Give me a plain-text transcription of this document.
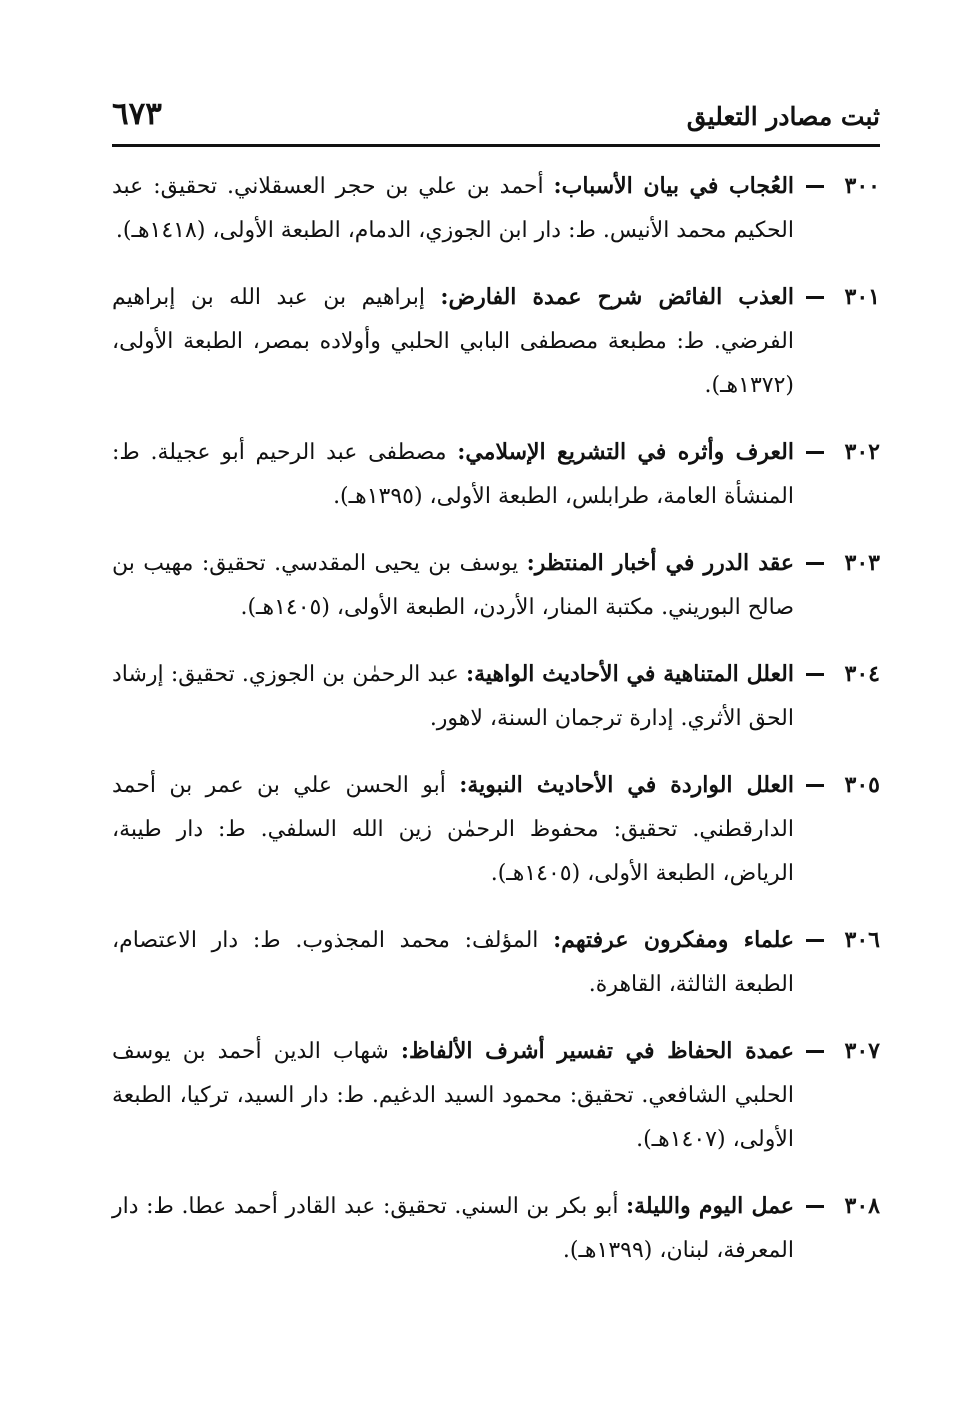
ثبت مصادر التعليق
٦٧٣
٣٠٠
العُجاب في بيان الأسباب: أحمد بن علي بن حجر العسقلاني. تحقيق: عبد الحكيم محمد الأنيس. ط: دار ابن الجوزي، الدمام، الطبعة الأولى، (١٤١٨هـ).
٣٠١
العذب الفائض شرح عمدة الفارض: إبراهيم بن عبد الله بن إبراهيم الفرضي. ط: مطبعة مصطفى البابي الحلبي وأولاده بمصر، الطبعة الأولى، (١٣٧٢هـ).
٣٠٢
العرف وأثره في التشريع الإسلامي: مصطفى عبد الرحيم أبو عجيلة. ط: المنشأة العامة، طرابلس، الطبعة الأولى، (١٣٩٥هـ).
٣٠٣
عقد الدرر في أخبار المنتظر: يوسف بن يحيى المقدسي. تحقيق: مهيب بن صالح البوريني. مكتبة المنار، الأردن، الطبعة الأولى، (١٤٠٥هـ).
٣٠٤
العلل المتناهية في الأحاديث الواهية: عبد الرحمٰن بن الجوزي. تحقيق: إرشاد الحق الأثري. إدارة ترجمان السنة، لاهور.
٣٠٥
العلل الواردة في الأحاديث النبوية: أبو الحسن علي بن عمر بن أحمد الدارقطني. تحقيق: محفوظ الرحمٰن زين الله السلفي. ط: دار طيبة، الرياض، الطبعة الأولى، (١٤٠٥هـ).
٣٠٦
علماء ومفكرون عرفتهم: المؤلف: محمد المجذوب. ط: دار الاعتصام، الطبعة الثالثة، القاهرة.
٣٠٧
عمدة الحفاظ في تفسير أشرف الألفاظ: شهاب الدين أحمد بن يوسف الحلبي الشافعي. تحقيق: محمود السيد الدغيم. ط: دار السيد، تركيا، الطبعة الأولى، (١٤٠٧هـ).
٣٠٨
عمل اليوم والليلة: أبو بكر بن السني. تحقيق: عبد القادر أحمد عطا. ط: دار المعرفة، لبنان، (١٣٩٩هـ).
